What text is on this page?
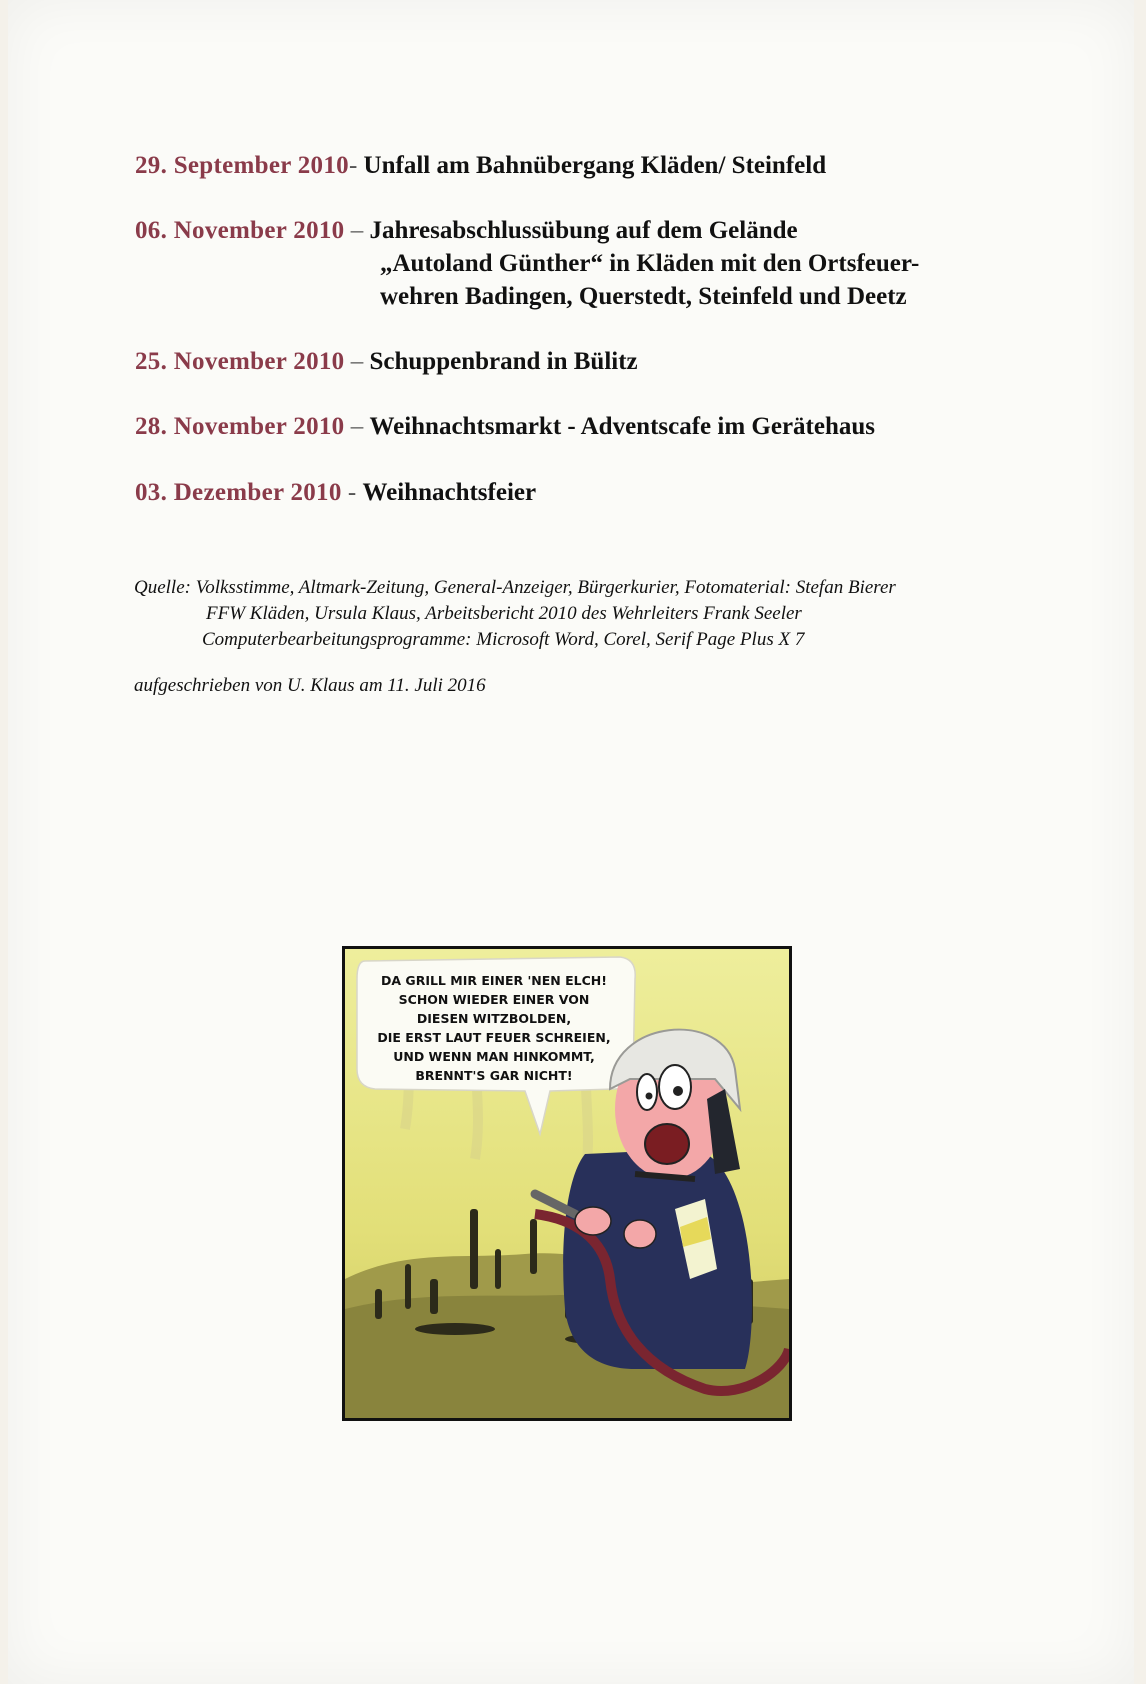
29. September 2010- Unfall am Bahnübergang Kläden/ Steinfeld
06. November 2010 – Jahresabschlussübung auf dem Gelände
„Autoland Günther“ in Kläden mit den Ortsfeuer-
wehren Badingen, Querstedt, Steinfeld und Deetz
25. November 2010 – Schuppenbrand in Bülitz
28. November 2010 – Weihnachtsmarkt - Adventscafe im Gerätehaus
03. Dezember 2010 - Weihnachtsfeier
Quelle: Volksstimme, Altmark-Zeitung, General-Anzeiger, Bürgerkurier, Fotomaterial: Stefan Bierer
FFW Kläden, Ursula Klaus, Arbeitsbericht 2010 des Wehrleiters Frank Seeler
Computerbearbeitungsprogramme: Microsoft Word, Corel, Serif Page Plus X 7
aufgeschrieben von U. Klaus am 11. Juli 2016
DA GRILL MIR EINER 'NEN ELCH!
SCHON WIEDER EINER VON
DIESEN WITZBOLDEN,
DIE ERST LAUT FEUER SCHREIEN,
UND WENN MAN HINKOMMT,
BRENNT'S GAR NICHT!
